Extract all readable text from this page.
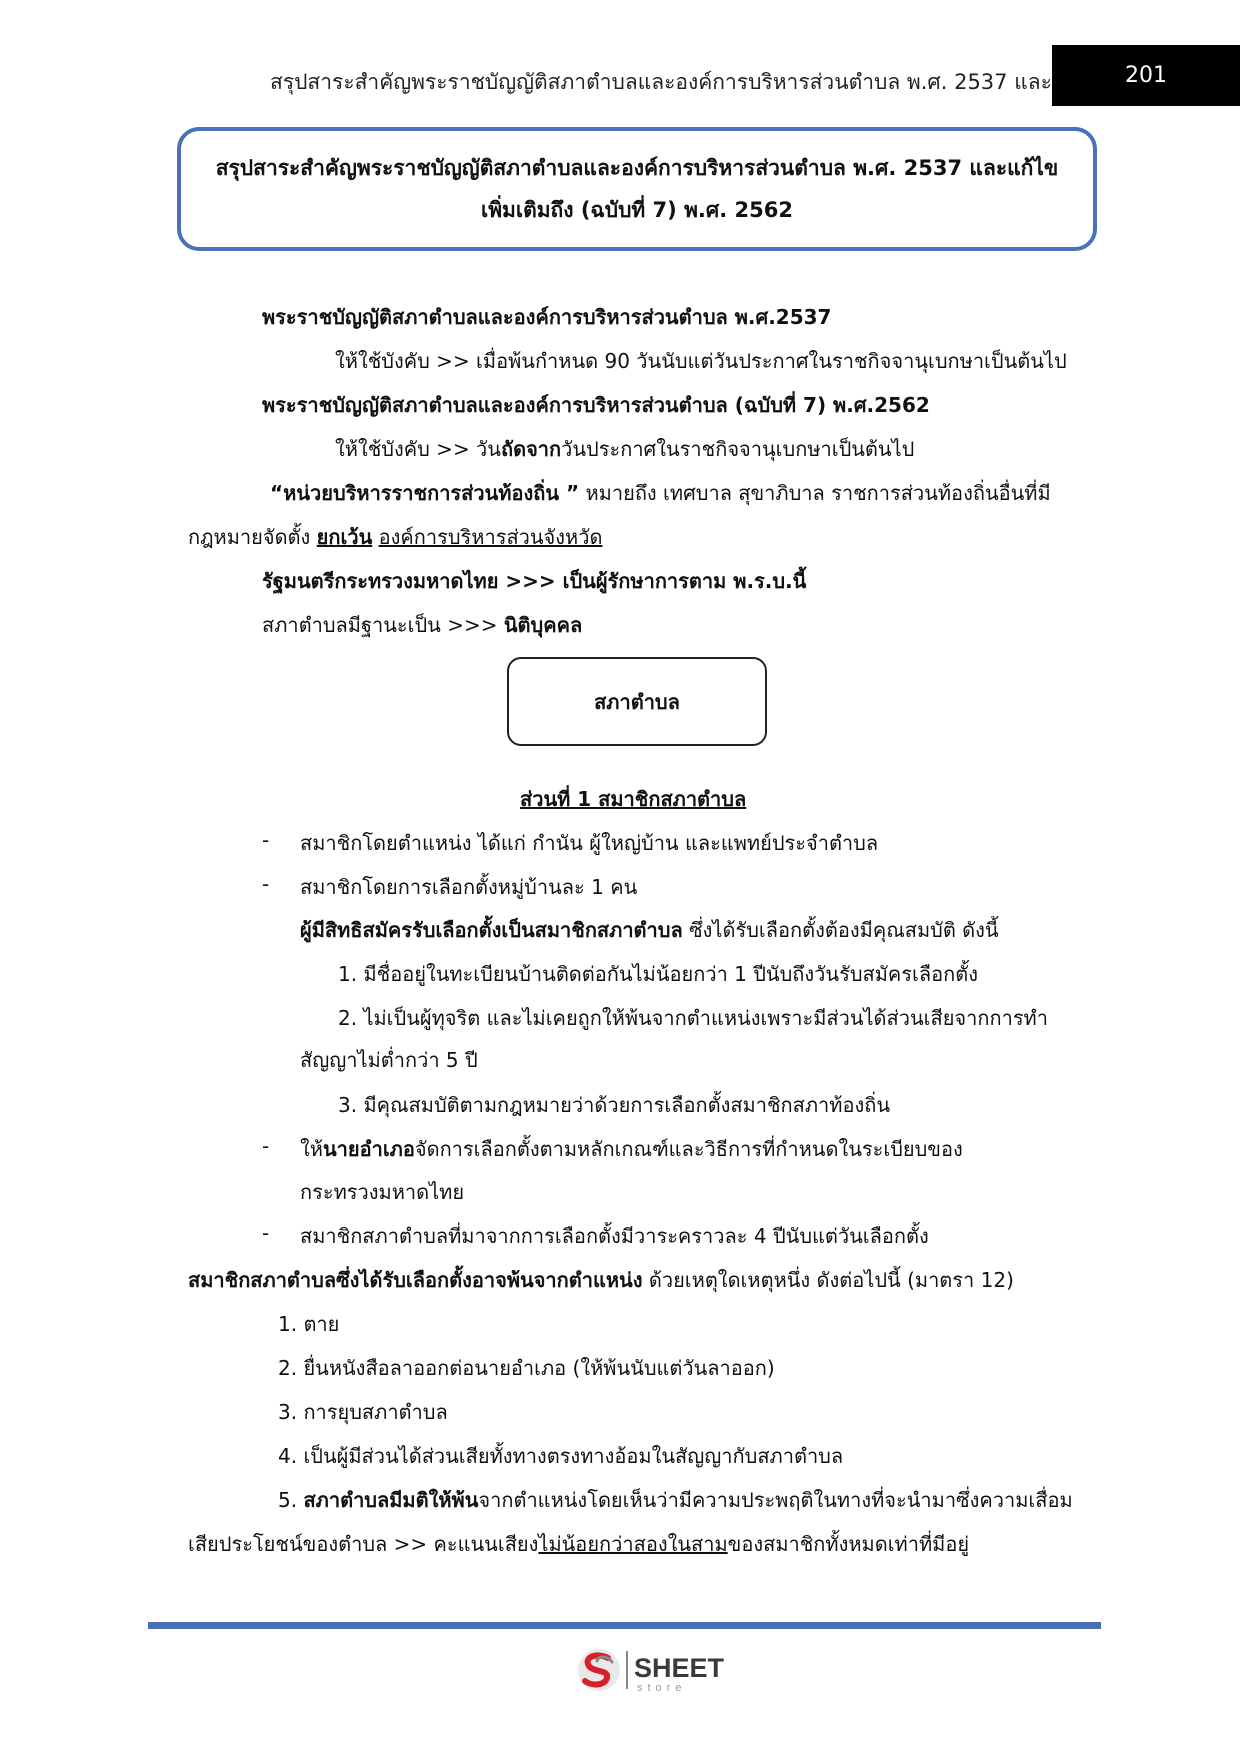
สรุปสาระสำคัญพระราชบัญญัติสภาตำบลและองค์การบริหารส่วนตำบล พ.ศ. 2537 และ	201
สรุปสาระสำคัญพระราชบัญญัติสภาตำบลและองค์การบริหารส่วนตำบล พ.ศ. 2537 และแก้ไข
เพิ่มเติมถึง (ฉบับที่ 7) พ.ศ. 2562
พระราชบัญญัติสภาตำบลและองค์การบริหารส่วนตำบล พ.ศ.2537
ให้ใช้บังคับ >> เมื่อพ้นกำหนด 90 วันนับแต่วันประกาศในราชกิจจานุเบกษาเป็นต้นไป
พระราชบัญญัติสภาตำบลและองค์การบริหารส่วนตำบล (ฉบับที่ 7) พ.ศ.2562
ให้ใช้บังคับ >> วันถัดจากวันประกาศในราชกิจจานุเบกษาเป็นต้นไป
“หน่วยบริหารราชการส่วนท้องถิ่น ” หมายถึง เทศบาล สุขาภิบาล ราชการส่วนท้องถิ่นอื่นที่มี
กฎหมายจัดตั้ง ยกเว้น องค์การบริหารส่วนจังหวัด
รัฐมนตรีกระทรวงมหาดไทย >>> เป็นผู้รักษาการตาม พ.ร.บ.นี้
สภาตำบลมีฐานะเป็น >>> นิติบุคคล
สภาตำบล
ส่วนที่ 1 สมาชิกสภาตำบล
- สมาชิกโดยตำแหน่ง ได้แก่ กำนัน ผู้ใหญ่บ้าน และแพทย์ประจำตำบล
- สมาชิกโดยการเลือกตั้งหมู่บ้านละ 1 คน
ผู้มีสิทธิสมัครรับเลือกตั้งเป็นสมาชิกสภาตำบล ซึ่งได้รับเลือกตั้งต้องมีคุณสมบัติ ดังนี้
1. มีชื่ออยู่ในทะเบียนบ้านติดต่อกันไม่น้อยกว่า 1 ปีนับถึงวันรับสมัครเลือกตั้ง
2. ไม่เป็นผู้ทุจริต และไม่เคยถูกให้พ้นจากตำแหน่งเพราะมีส่วนได้ส่วนเสียจากการทำ
สัญญาไม่ต่ำกว่า 5 ปี
3. มีคุณสมบัติตามกฎหมายว่าด้วยการเลือกตั้งสมาชิกสภาท้องถิ่น
- ให้นายอำเภอจัดการเลือกตั้งตามหลักเกณฑ์และวิธีการที่กำหนดในระเบียบของ
กระทรวงมหาดไทย
- สมาชิกสภาตำบลที่มาจากการเลือกตั้งมีวาระคราวละ 4 ปีนับแต่วันเลือกตั้ง
สมาชิกสภาตำบลซึ่งได้รับเลือกตั้งอาจพ้นจากตำแหน่ง ด้วยเหตุใดเหตุหนึ่ง ดังต่อไปนี้ (มาตรา 12)
1. ตาย
2. ยื่นหนังสือลาออกต่อนายอำเภอ (ให้พ้นนับแต่วันลาออก)
3. การยุบสภาตำบล
4. เป็นผู้มีส่วนได้ส่วนเสียทั้งทางตรงทางอ้อมในสัญญากับสภาตำบล
5. สภาตำบลมีมติให้พ้นจากตำแหน่งโดยเห็นว่ามีความประพฤติในทางที่จะนำมาซึ่งความเสื่อม
เสียประโยชน์ของตำบล >> คะแนนเสียงไม่น้อยกว่าสองในสามของสมาชิกทั้งหมดเท่าที่มีอยู่
SHEET
store
